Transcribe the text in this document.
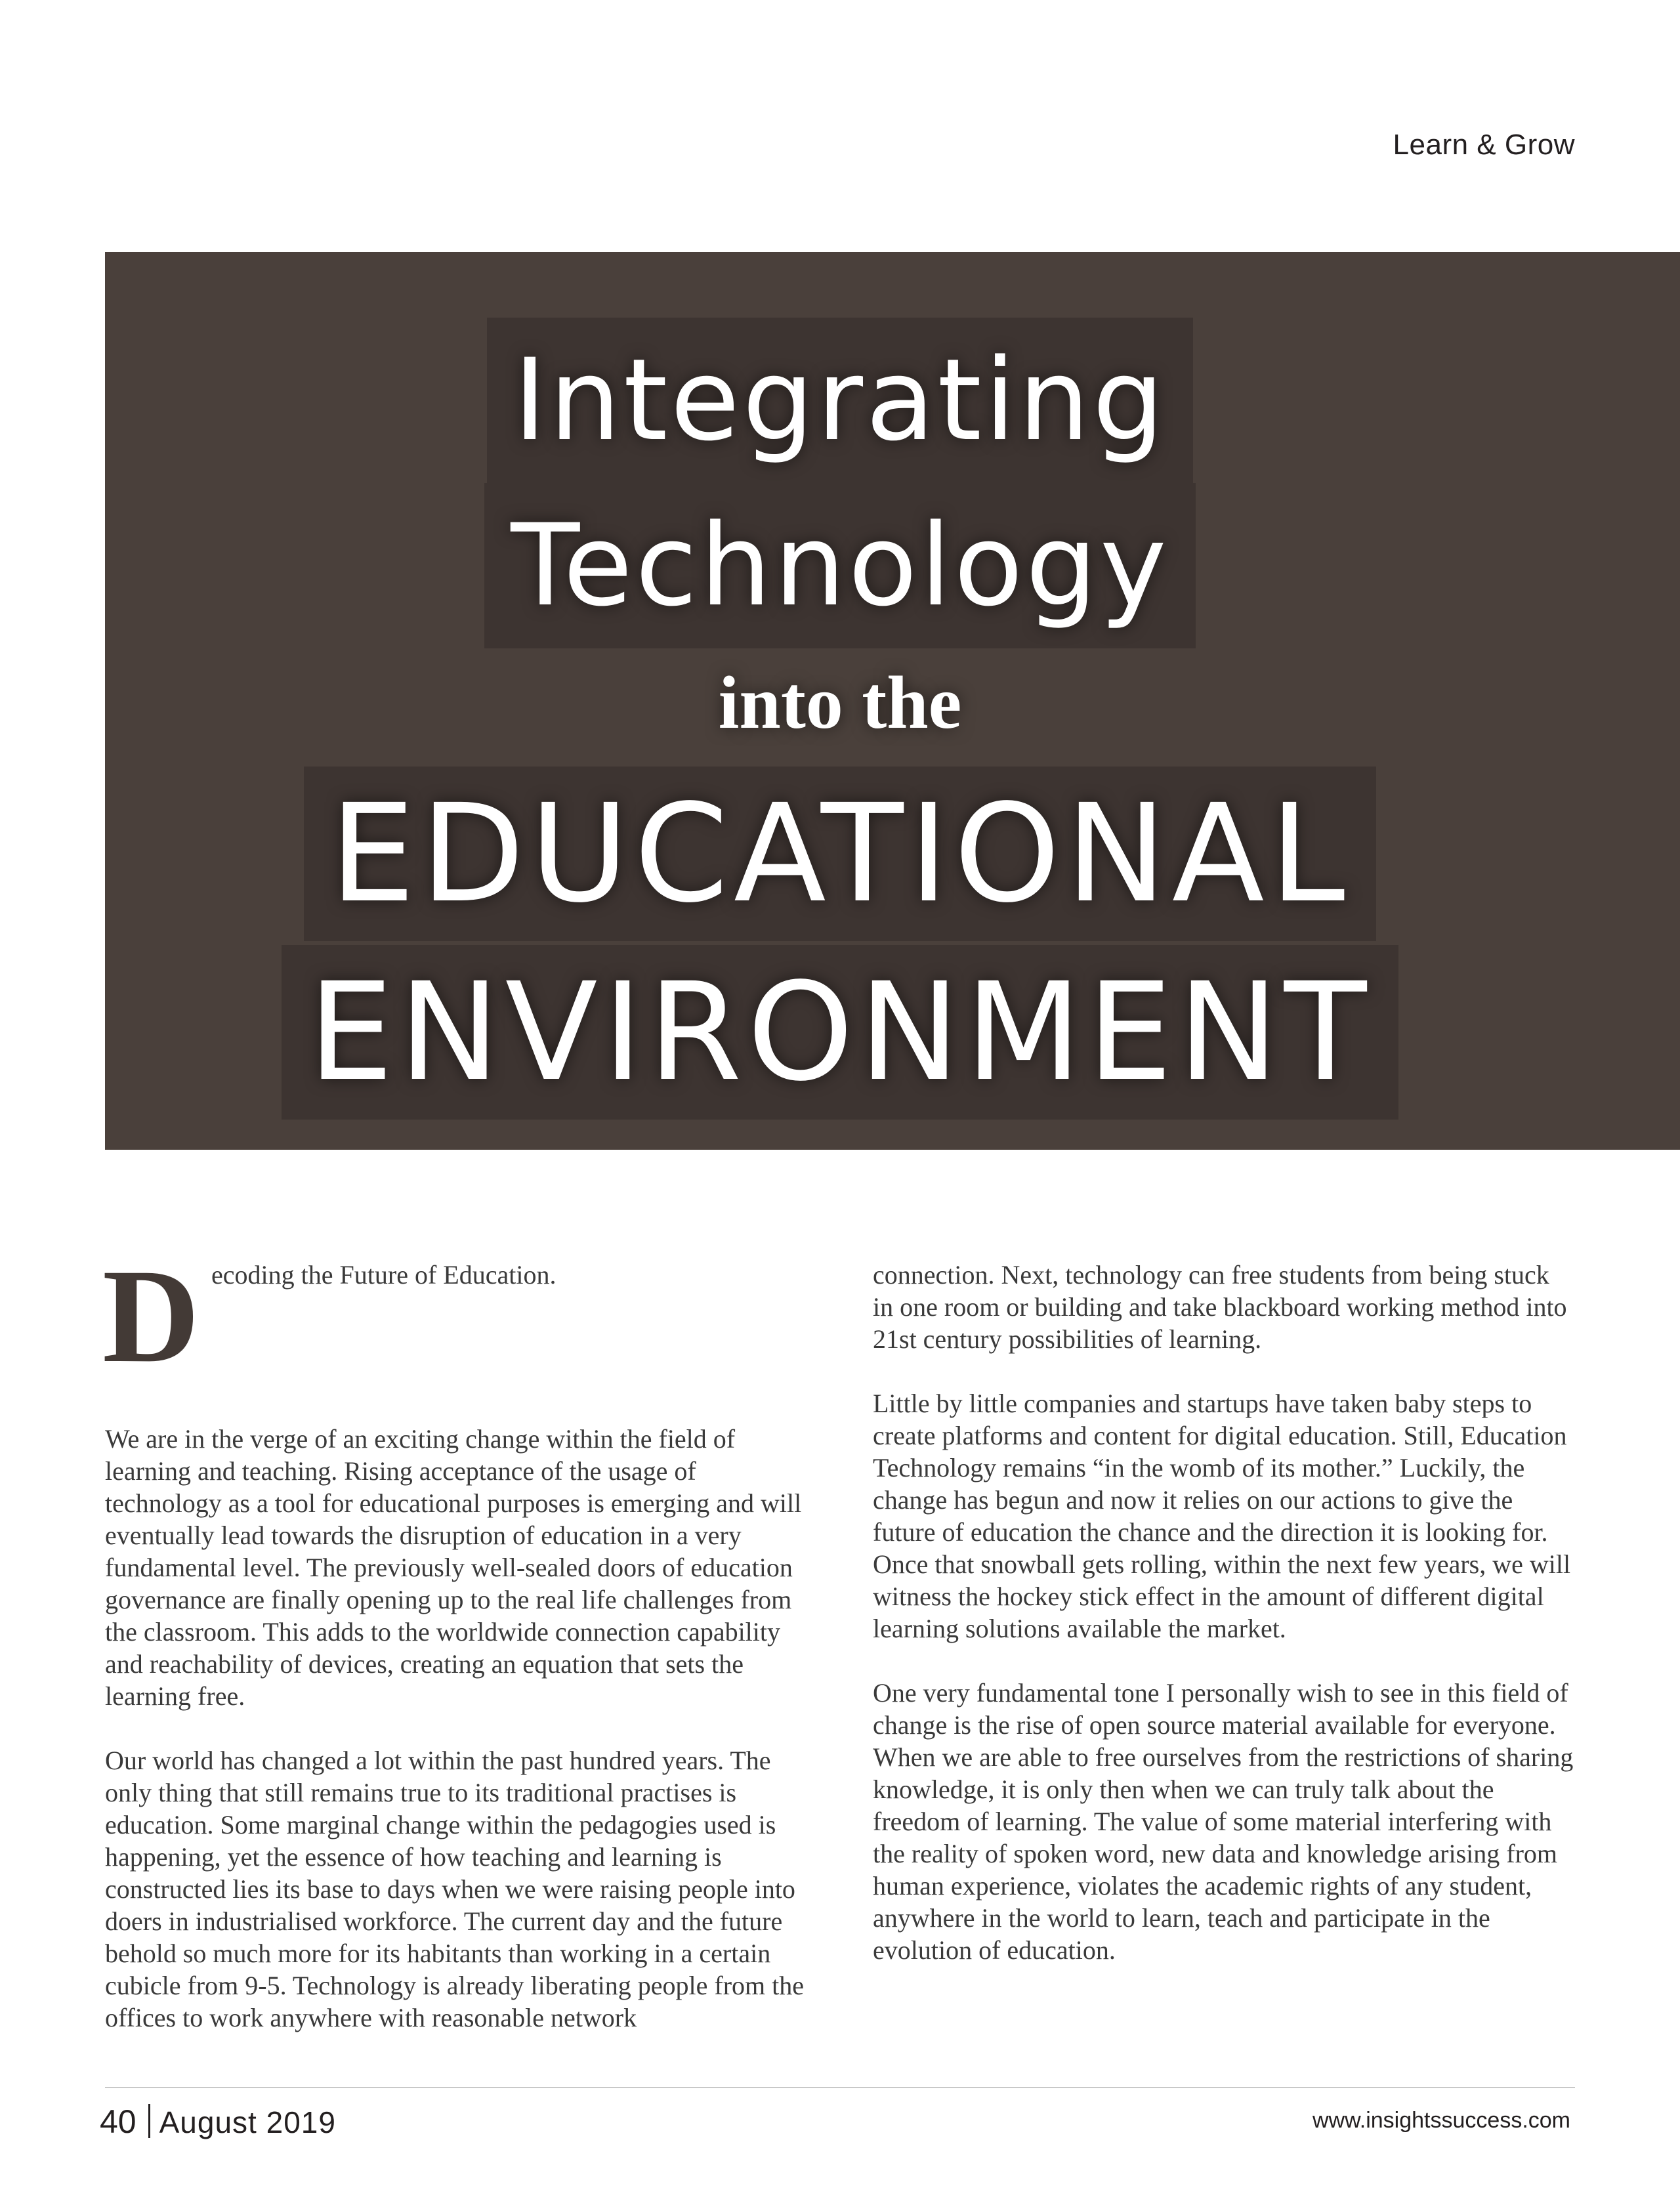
Learn & Grow
Integrating
Technology
into the
EDUCATIONAL
ENVIRONMENT

Decoding the Future of Education.

We are in the verge of an exciting change within the field of learning and teaching. Rising acceptance of the usage of technology as a tool for educational purposes is emerging and will eventually lead towards the disruption of education in a very fundamental level. The previously well-sealed doors of education governance are finally opening up to the real life challenges from the classroom. This adds to the worldwide connection capability and reachability of devices, creating an equation that sets the learning free.

Our world has changed a lot within the past hundred years. The only thing that still remains true to its traditional practises is education. Some marginal change within the pedagogies used is happening, yet the essence of how teaching and learning is constructed lies its base to days when we were raising people into doers in industrialised workforce. The current day and the future behold so much more for its habitants than working in a certain cubicle from 9-5. Technology is already liberating people from the offices to work anywhere with reasonable network

connection. Next, technology can free students from being stuck in one room or building and take blackboard working method into 21st century possibilities of learning.

Little by little companies and startups have taken baby steps to create platforms and content for digital education. Still, Education Technology remains “in the womb of its mother.” Luckily, the change has begun and now it relies on our actions to give the future of education the chance and the direction it is looking for. Once that snowball gets rolling, within the next few years, we will witness the hockey stick effect in the amount of different digital learning solutions available the market.

One very fundamental tone I personally wish to see in this field of change is the rise of open source material available for everyone. When we are able to free ourselves from the restrictions of sharing knowledge, it is only then when we can truly talk about the freedom of learning. The value of some material interfering with the reality of spoken word, new data and knowledge arising from human experience, violates the academic rights of any student, anywhere in the world to learn, teach and participate in the evolution of education.

40 August 2019	www.insightssuccess.com
